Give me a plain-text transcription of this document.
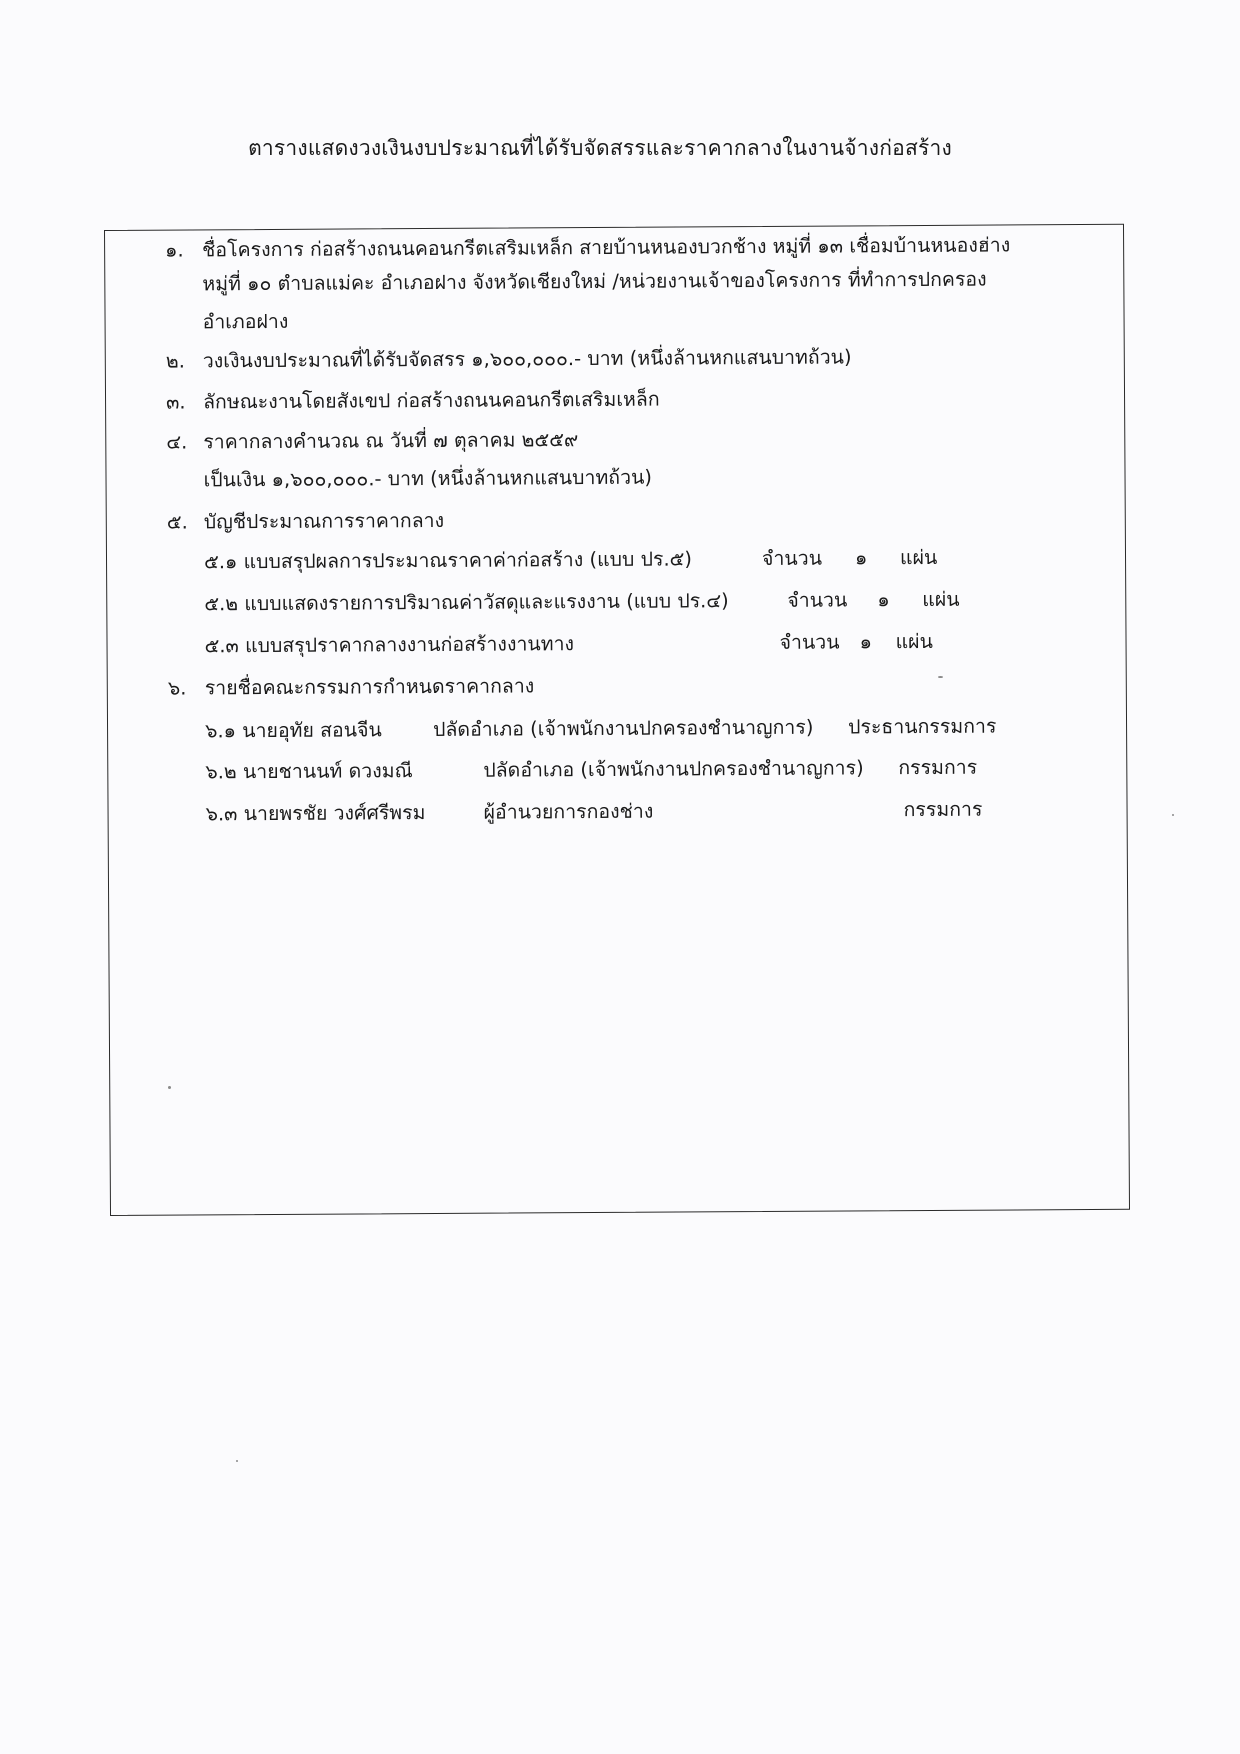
ตารางแสดงวงเงินงบประมาณที่ได้รับจัดสรรและราคากลางในงานจ้างก่อสร้าง
๑. ชื่อโครงการ ก่อสร้างถนนคอนกรีตเสริมเหล็ก สายบ้านหนองบวกช้าง หมู่ที่ ๑๓ เชื่อมบ้านหนองฮ่าง
หมู่ที่ ๑๐ ตำบลแม่คะ อำเภอฝาง จังหวัดเชียงใหม่ /หน่วยงานเจ้าของโครงการ ที่ทำการปกครอง
อำเภอฝาง
๒. วงเงินงบประมาณที่ได้รับจัดสรร ๑,๖๐๐,๐๐๐.- บาท (หนึ่งล้านหกแสนบาทถ้วน)
๓. ลักษณะงานโดยสังเขป ก่อสร้างถนนคอนกรีตเสริมเหล็ก
๔. ราคากลางคำนวณ ณ วันที่ ๗ ตุลาคม ๒๕๕๙
เป็นเงิน ๑,๖๐๐,๐๐๐.- บาท (หนึ่งล้านหกแสนบาทถ้วน)
๕. บัญชีประมาณการราคากลาง
๕.๑ แบบสรุปผลการประมาณราคาค่าก่อสร้าง (แบบ ปร.๕)	จำนวน ๑ แผ่น
๕.๒ แบบแสดงรายการปริมาณค่าวัสดุและแรงงาน (แบบ ปร.๔)	จำนวน ๑ แผ่น
๕.๓ แบบสรุปราคากลางงานก่อสร้างงานทาง	จำนวน ๑ แผ่น
๖. รายชื่อคณะกรรมการกำหนดราคากลาง
๖.๑ นายอุทัย สอนจีน	ปลัดอำเภอ (เจ้าพนักงานปกครองชำนาญการ) ประธานกรรมการ
๖.๒ นายชานนท์ ดวงมณี	ปลัดอำเภอ (เจ้าพนักงานปกครองชำนาญการ) กรรมการ
๖.๓ นายพรชัย วงศ์ศรีพรม	ผู้อำนวยการกองช่าง	กรรมการ
